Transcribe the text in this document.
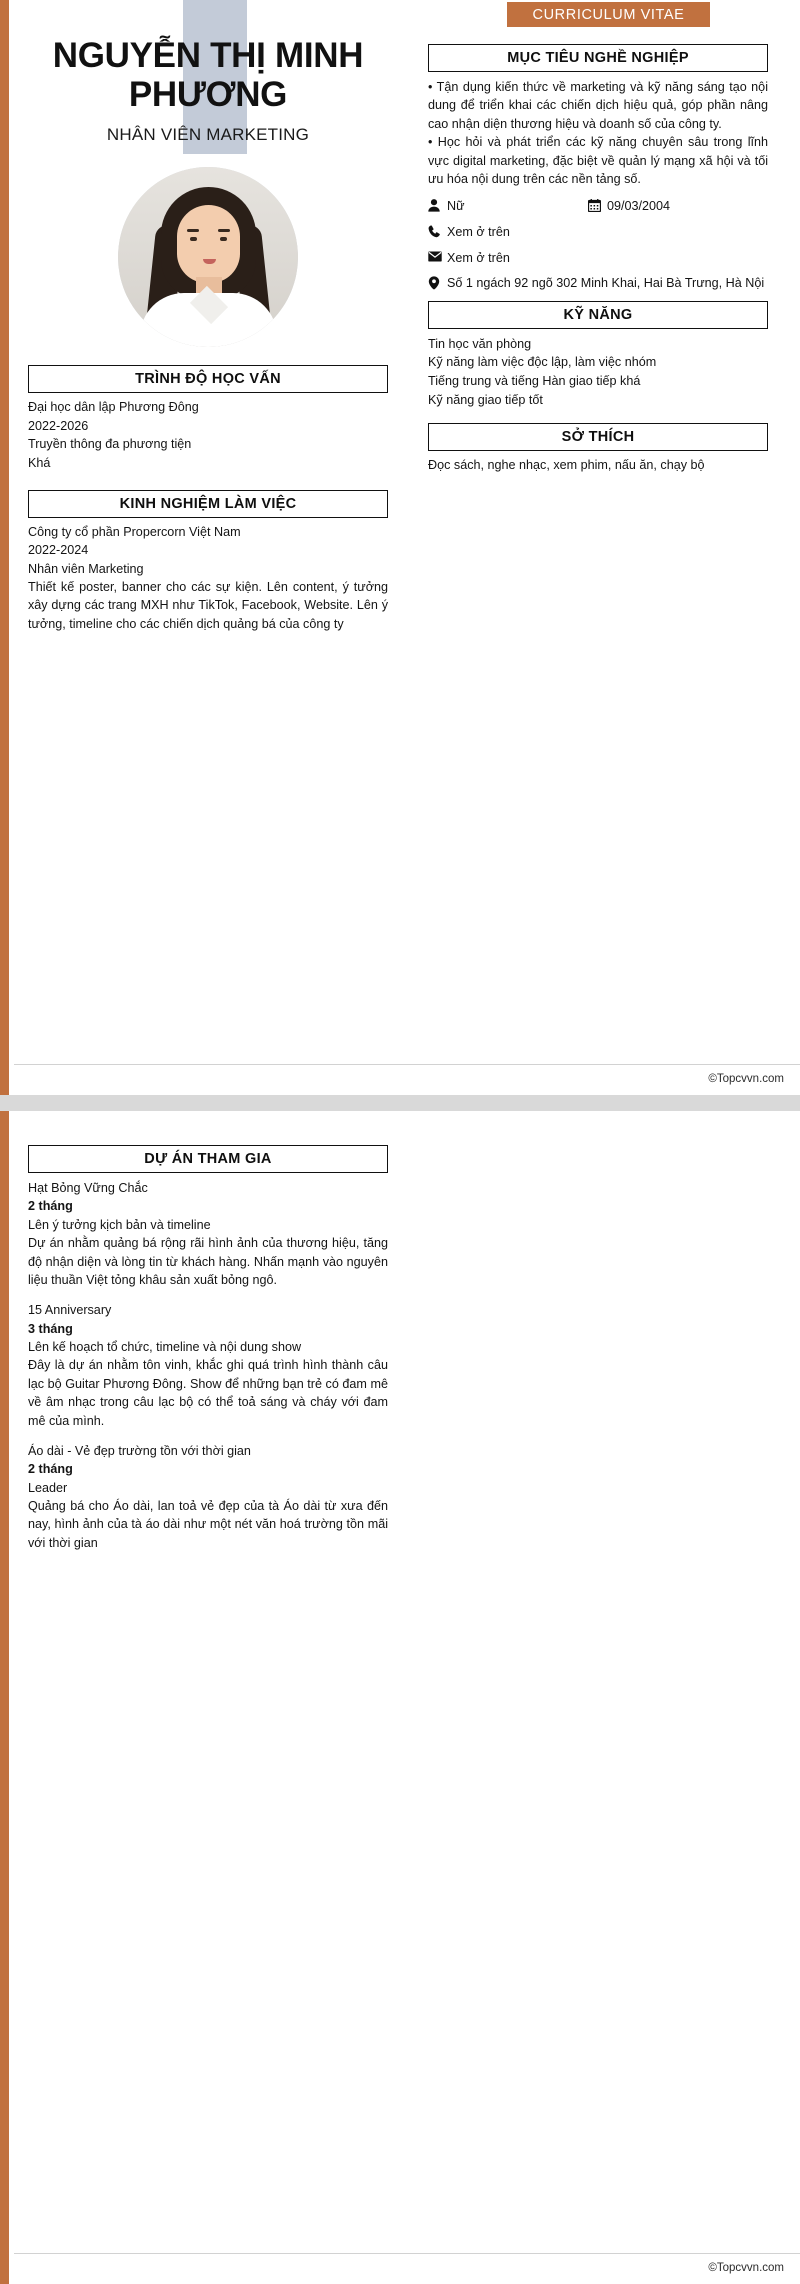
CURRICULUM VITAE
NGUYỄN THỊ MINH PHƯƠNG
NHÂN VIÊN MARKETING
TRÌNH ĐỘ HỌC VẤN
Đại học dân lập Phương Đông
2022-2026
Truyền thông đa phương tiện
Khá
KINH NGHIỆM LÀM VIỆC
Công ty cổ phần Propercorn Việt Nam
2022-2024
Nhân viên Marketing
Thiết kế poster, banner cho các sự kiện. Lên content, ý tưởng xây dựng các trang MXH như TikTok, Facebook, Website. Lên ý tưởng, timeline cho các chiến dịch quảng bá của công ty
MỤC TIÊU NGHỀ NGHIỆP

• Tận dụng kiến thức về marketing và kỹ năng sáng tạo nội dung để triển khai các chiến dịch hiệu quả, góp phần nâng cao nhận diện thương hiệu và doanh số của công ty.

• Học hỏi và phát triển các kỹ năng chuyên sâu trong lĩnh vực digital marketing, đặc biệt về quản lý mạng xã hội và tối ưu hóa nội dung trên các nền tảng số.

Nữ	09/03/2004
Xem ở trên
Xem ở trên
Số 1 ngách 92 ngõ 302 Minh Khai, Hai Bà Trưng, Hà Nội
KỸ NĂNG
Tin học văn phòng
Kỹ năng làm việc độc lập, làm việc nhóm
Tiếng trung và tiếng Hàn giao tiếp khá
Kỹ năng giao tiếp tốt
SỞ THÍCH
Đọc sách, nghe nhạc, xem phim, nấu ăn, chạy bộ
©Topcvvn.com
DỰ ÁN THAM GIA
Hạt Bỏng Vững Chắc
2 tháng
Lên ý tưởng kịch bản và timeline
Dự án nhằm quảng bá rộng rãi hình ảnh của thương hiệu, tăng độ nhận diện và lòng tin từ khách hàng. Nhấn mạnh vào nguyên liệu thuần Việt tỏng khâu sản xuất bỏng ngô.
15 Anniversary
3 tháng
Lên kế hoạch tổ chức, timeline và nội dung show
Đây là dự án nhằm tôn vinh, khắc ghi quá trình hình thành câu lạc bộ Guitar Phương Đông. Show để những bạn trẻ có đam mê về âm nhạc trong câu lạc bộ có thể toả sáng và cháy với đam mê của mình.
Áo dài - Vẻ đẹp trường tồn với thời gian
2 tháng
Leader
Quảng bá cho Áo dài, lan toả vẻ đẹp của tà Áo dài từ xưa đến nay, hình ảnh của tà áo dài như một nét văn hoá trường tồn mãi với thời gian
©Topcvvn.com
